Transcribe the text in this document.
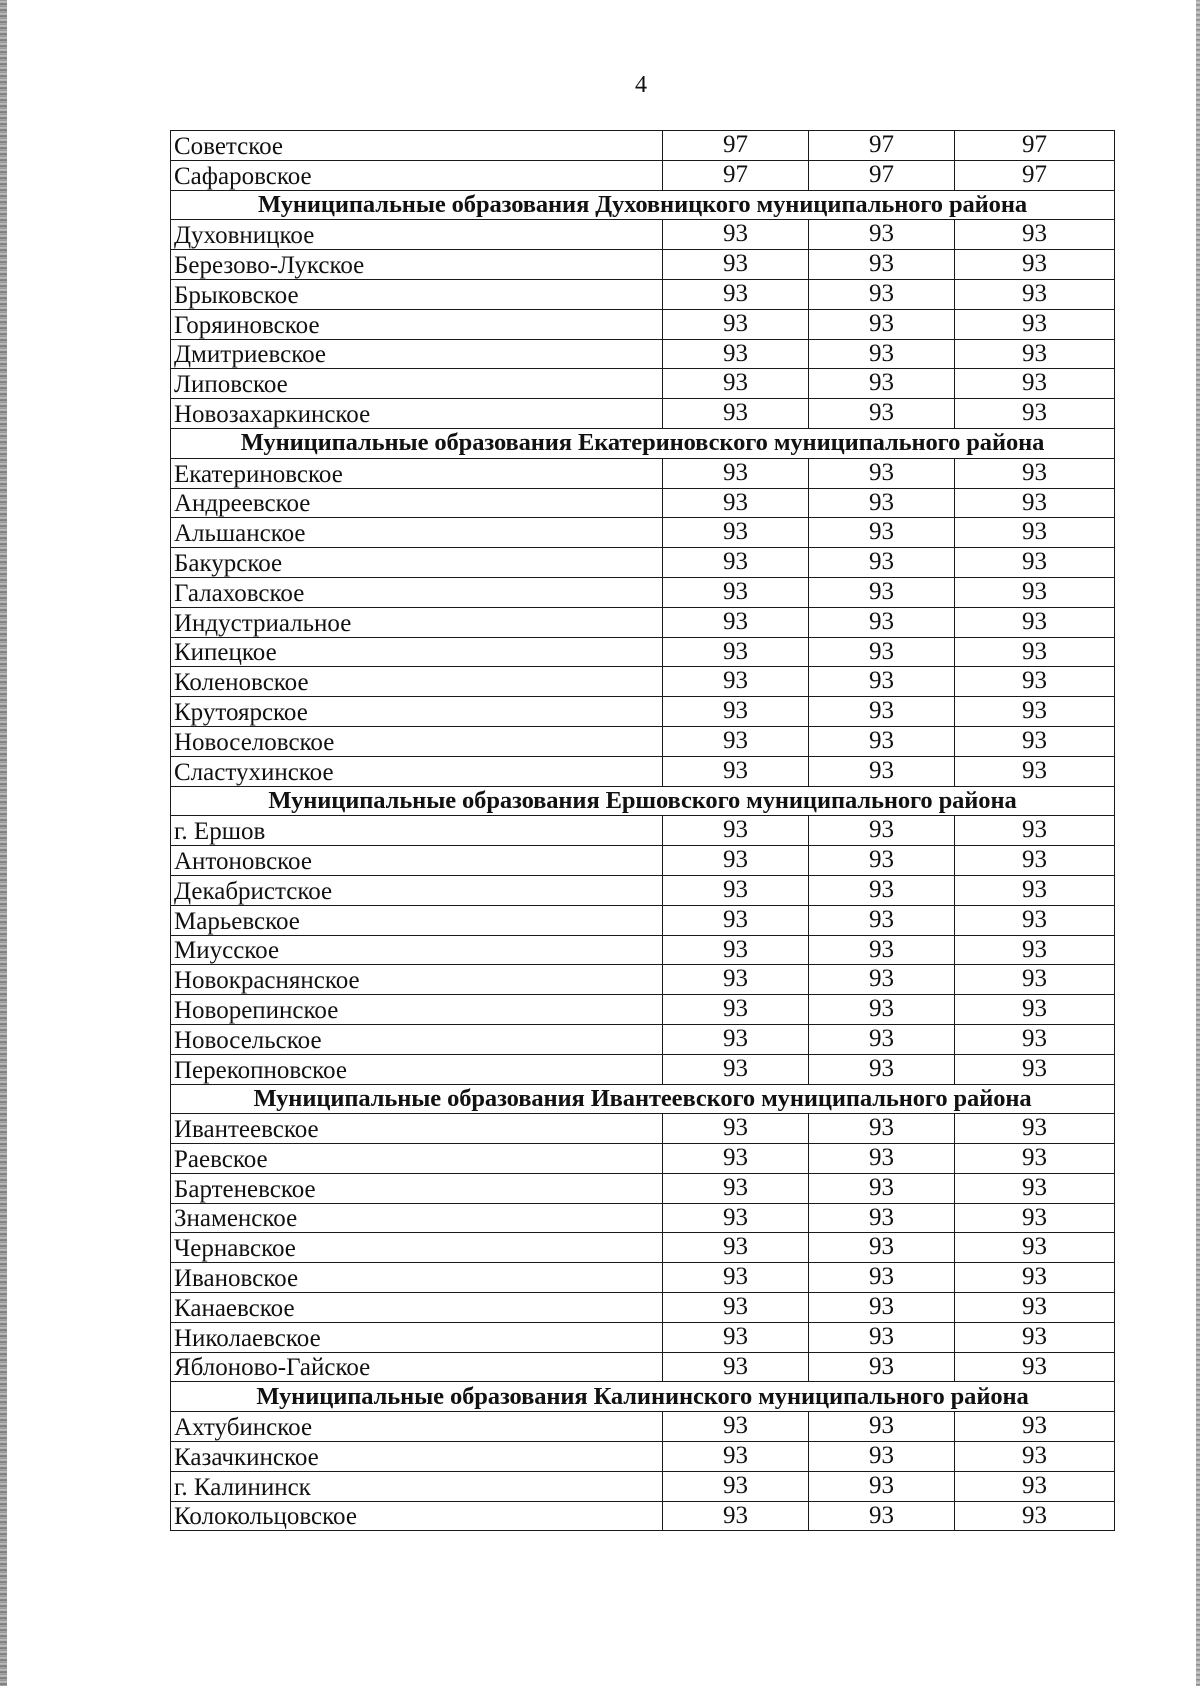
4
Советское	97	97	97
Сафаровское	97	97	97
Муниципальные образования Духовницкого муниципального района			
Духовницкое	93	93	93
Березово-Лукское	93	93	93
Брыковское	93	93	93
Горяиновское	93	93	93
Дмитриевское	93	93	93
Липовское	93	93	93
Новозахаркинское	93	93	93
Муниципальные образования Екатериновского муниципального района			
Екатериновское	93	93	93
Андреевское	93	93	93
Альшанское	93	93	93
Бакурское	93	93	93
Галаховское	93	93	93
Индустриальное	93	93	93
Кипецкое	93	93	93
Коленовское	93	93	93
Крутоярское	93	93	93
Новоселовское	93	93	93
Сластухинское	93	93	93
Муниципальные образования Ершовского муниципального района			
г. Ершов	93	93	93
Антоновское	93	93	93
Декабристское	93	93	93
Марьевское	93	93	93
Миусское	93	93	93
Новокраснянское	93	93	93
Новорепинское	93	93	93
Новосельское	93	93	93
Перекопновское	93	93	93
Муниципальные образования Ивантеевского муниципального района			
Ивантеевское	93	93	93
Раевское	93	93	93
Бартеневское	93	93	93
Знаменское	93	93	93
Чернавское	93	93	93
Ивановское	93	93	93
Канаевское	93	93	93
Николаевское	93	93	93
Яблоново-Гайское	93	93	93
Муниципальные образования Калининского муниципального района			
Ахтубинское	93	93	93
Казачкинское	93	93	93
г. Калининск	93	93	93
Колокольцовское	93	93	93
